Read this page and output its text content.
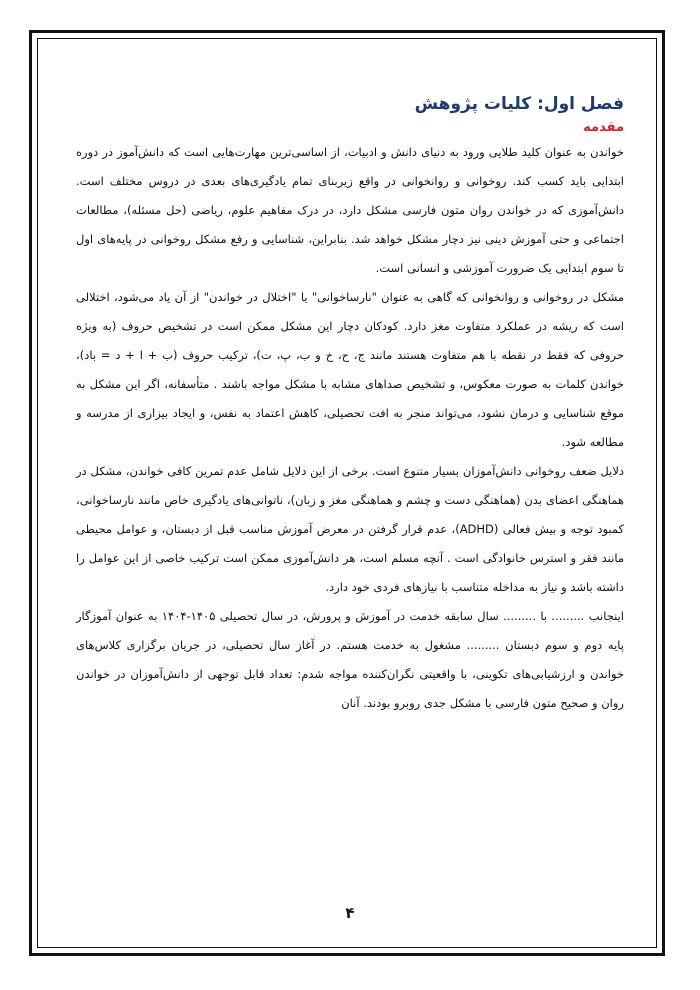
فصل اول: کلیات پژوهش
مقدمه

خواندن به عنوان کلید طلایی ورود به دنیای دانش و ادبیات، از اساسی‌ترین مهارت‌هایی است که دانش‌آموز در دوره ابتدایی باید کسب کند. روخوانی و روانخوانی در واقع زیربنای تمام یادگیری‌های بعدی در دروس مختلف است. دانش‌آموزی که در خواندن روان متون فارسی مشکل دارد، در درک مفاهیم علوم، ریاضی (حل مسئله)، مطالعات اجتماعی و حتی آموزش دینی نیز دچار مشکل خواهد شد. بنابراین، شناسایی و رفع مشکل روخوانی در پایه‌های اول تا سوم ابتدایی یک ضرورت آموزشی و انسانی است.

مشکل در روخوانی و روانخوانی که گاهی به عنوان "نارساخوانی" یا "اختلال در خواندن" از آن یاد می‌شود، اختلالی است که ریشه در عملکرد متفاوت مغز دارد. کودکان دچار این مشکل ممکن است در تشخیص حروف (به ویژه حروفی که فقط در نقطه با هم متفاوت هستند مانند ج، ح، خ و ب، پ، ت)، ترکیب حروف (ب + ا + د = باد)، خواندن کلمات به صورت معکوس، و تشخیص صداهای مشابه با مشکل مواجه باشند . متأسفانه، اگر این مشکل به موقع شناسایی و درمان نشود، می‌تواند منجر به افت تحصیلی، کاهش اعتماد به نفس، و ایجاد بیزاری از مدرسه و مطالعه شود.

دلایل ضعف روخوانی دانش‌آموزان بسیار متنوع است. برخی از این دلایل شامل عدم تمرین کافی خواندن، مشکل در هماهنگی اعضای بدن (هماهنگی دست و چشم و هماهنگی مغز و زبان)، ناتوانی‌های یادگیری خاص مانند نارساخوانی، کمبود توجه و بیش فعالی (ADHD)، عدم قرار گرفتن در معرض آموزش مناسب قبل از دبستان، و عوامل محیطی مانند فقر و استرس خانوادگی است . آنچه مسلم است، هر دانش‌آموزی ممکن است ترکیب خاصی از این عوامل را داشته باشد و نیاز به مداخله متناسب با نیازهای فردی خود دارد.

اینجانب ......... با ......... سال سابقه خدمت در آموزش و پرورش، در سال تحصیلی ۱۴۰۵-۱۴۰۴ به عنوان آموزگار پایه دوم و سوم دبستان ......... مشغول به خدمت هستم. در آغاز سال تحصیلی، در جریان برگزاری کلاس‌های خواندن و ارزشیابی‌های تکوینی، با واقعیتی نگران‌کننده مواجه شدم: تعداد قابل توجهی از دانش‌آموزان در خواندن روان و صحیح متون فارسی با مشکل جدی روبرو بودند. آنان

۴
